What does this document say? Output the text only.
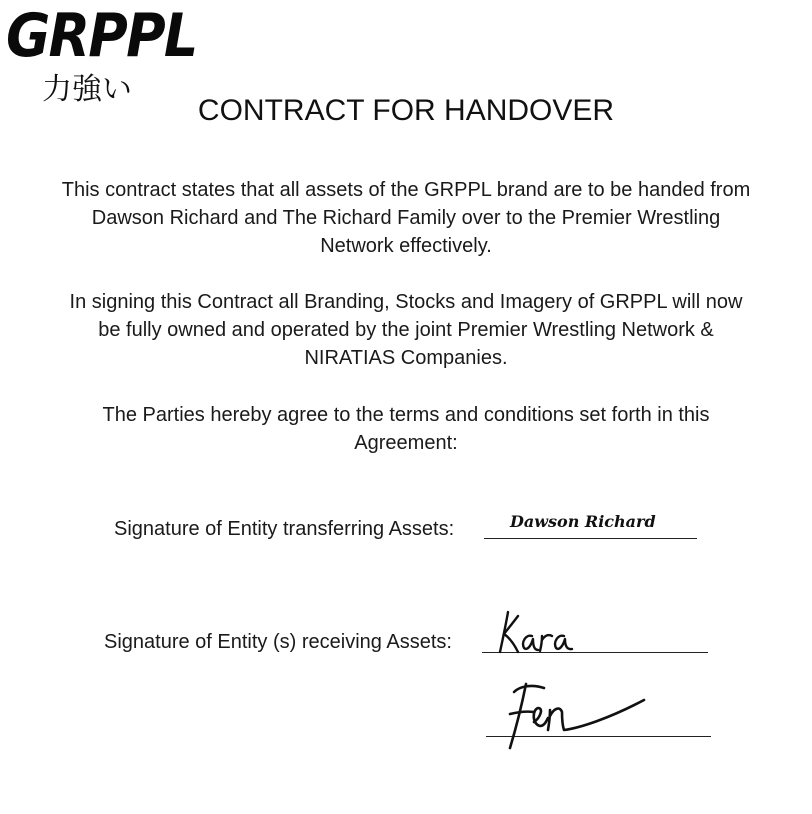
GRPPL
力強い
CONTRACT FOR HANDOVER
This contract states that all assets of the GRPPL brand are to be handed from Dawson Richard and The Richard Family over to the Premier Wrestling Network effectively.
In signing this Contract all Branding, Stocks and Imagery of GRPPL will now be fully owned and operated by the joint Premier Wrestling Network & NIRATIAS Companies.
The Parties hereby agree to the terms and conditions set forth in this Agreement:
Signature of Entity transferring Assets:	Dawson Richard
Signature of Entity (s) receiving Assets:
